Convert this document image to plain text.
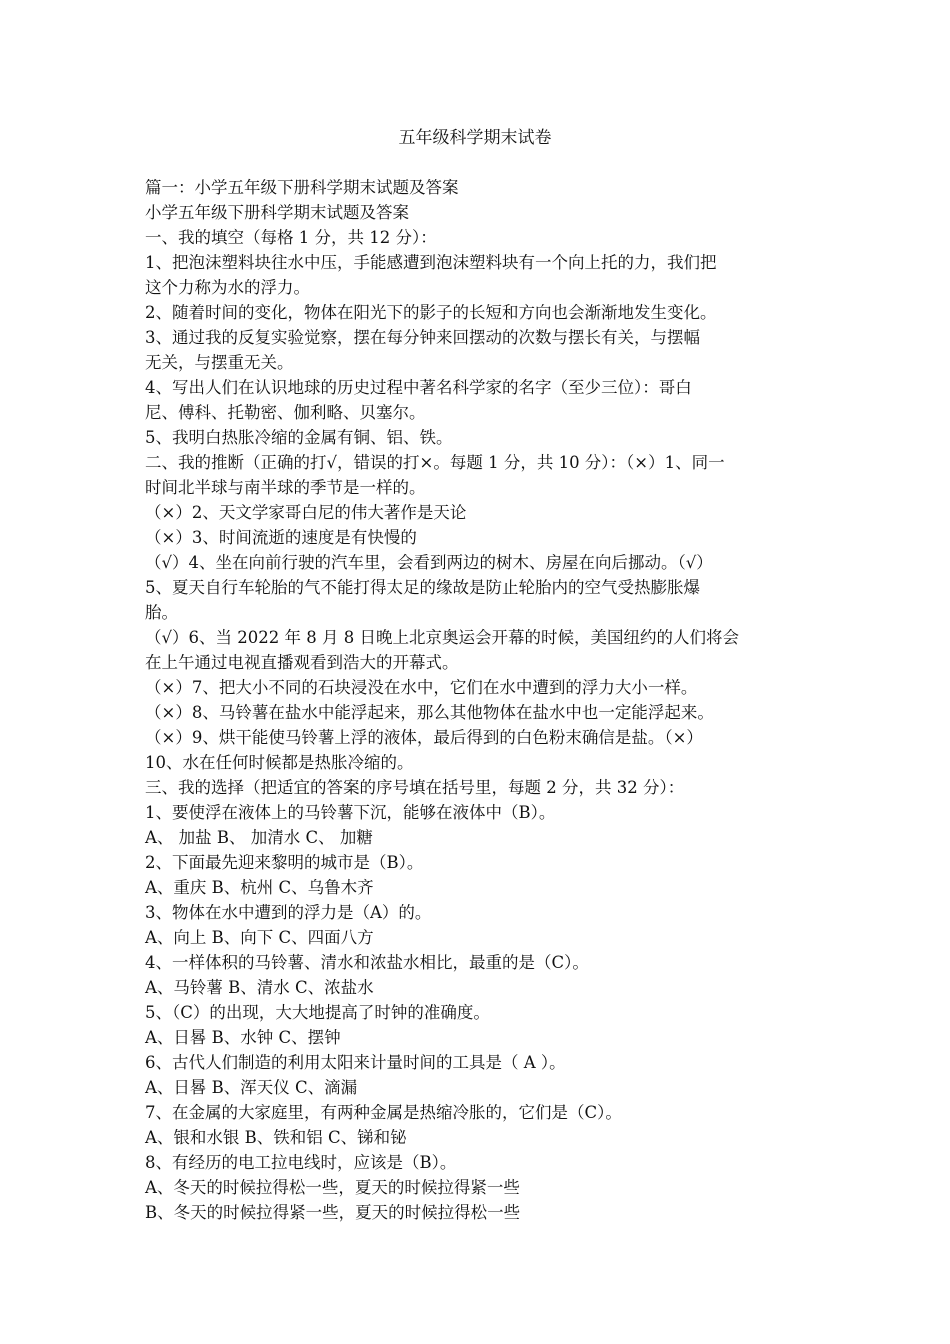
五年级科学期末试卷
篇一：小学五年级下册科学期末试题及答案
小学五年级下册科学期末试题及答案
一、我的填空（每格 1 分，共 12 分）：
1、把泡沫塑料块往水中压，手能感遭到泡沫塑料块有一个向上托的力，我们把
这个力称为水的浮力。
2、随着时间的变化，物体在阳光下的影子的长短和方向也会渐渐地发生变化。
3、通过我的反复实验觉察，摆在每分钟来回摆动的次数与摆长有关，与摆幅
无关，与摆重无关。
4、写出人们在认识地球的历史过程中著名科学家的名字（至少三位）：哥白
尼、傅科、托勒密、伽利略、贝塞尔。
5、我明白热胀冷缩的金属有铜、铝、铁。
二、我的推断（正确的打√，错误的打×。每题 1 分，共 10 分）：（×）1、同一
时间北半球与南半球的季节是一样的。
（×）2、天文学家哥白尼的伟大著作是天论
（×）3、时间流逝的速度是有快慢的
（√）4、坐在向前行驶的汽车里，会看到两边的树木、房屋在向后挪动。（√）
5、夏天自行车轮胎的气不能打得太足的缘故是防止轮胎内的空气受热膨胀爆
胎。
（√）6、当 2022 年 8 月 8 日晚上北京奥运会开幕的时候，美国纽约的人们将会
在上午通过电视直播观看到浩大的开幕式。
（×）7、把大小不同的石块浸没在水中，它们在水中遭到的浮力大小一样。
（×）8、马铃薯在盐水中能浮起来，那么其他物体在盐水中也一定能浮起来。
（×）9、烘干能使马铃薯上浮的液体，最后得到的白色粉末确信是盐。（×）
10、水在任何时候都是热胀冷缩的。
三、我的选择（把适宜的答案的序号填在括号里，每题 2 分，共 32 分）：
1、要使浮在液体上的马铃薯下沉，能够在液体中（B）。
A、 加盐 B、 加清水 C、 加糖
2、下面最先迎来黎明的城市是（B）。
A、重庆 B、杭州 C、乌鲁木齐
3、物体在水中遭到的浮力是（A）的。
A、向上 B、向下 C、四面八方
4、一样体积的马铃薯、清水和浓盐水相比，最重的是（C）。
A、马铃薯 B、清水 C、浓盐水
5、（C）的出现，大大地提高了时钟的准确度。
A、日晷 B、水钟 C、摆钟
6、古代人们制造的利用太阳来计量时间的工具是（ A ）。
A、日晷 B、浑天仪 C、滴漏
7、在金属的大家庭里，有两种金属是热缩冷胀的，它们是（C）。
A、银和水银 B、铁和铝 C、锑和铋
8、有经历的电工拉电线时，应该是（B）。
A、冬天的时候拉得松一些，夏天的时候拉得紧一些
B、冬天的时候拉得紧一些，夏天的时候拉得松一些
